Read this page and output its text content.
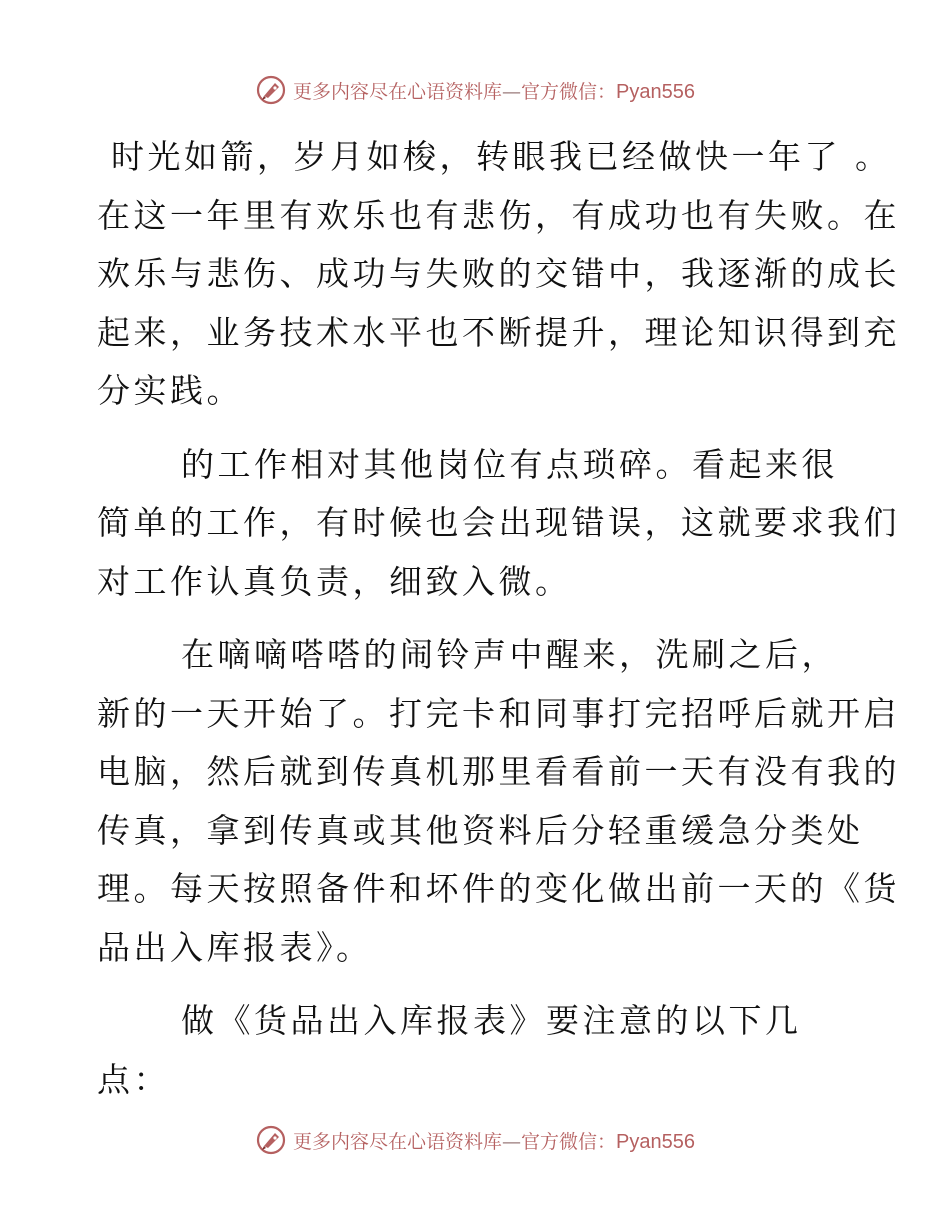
更多内容尽在心语资料库—官方微信：Pyan556
时光如箭，岁月如梭，转眼我已经做快一年了 。
在这一年里有欢乐也有悲伤，有成功也有失败。在
欢乐与悲伤、成功与失败的交错中，我逐渐的成长
起来，业务技术水平也不断提升，理论知识得到充
分实践。
的工作相对其他岗位有点琐碎。看起来很
简单的工作，有时候也会出现错误，这就要求我们
对工作认真负责，细致入微。
在嘀嘀嗒嗒的闹铃声中醒来，洗刷之后，
新的一天开始了。打完卡和同事打完招呼后就开启
电脑，然后就到传真机那里看看前一天有没有我的
传真，拿到传真或其他资料后分轻重缓急分类处
理。每天按照备件和坏件的变化做出前一天的《货
品出入库报表》。
做《货品出入库报表》要注意的以下几
点：
更多内容尽在心语资料库—官方微信：Pyan556
